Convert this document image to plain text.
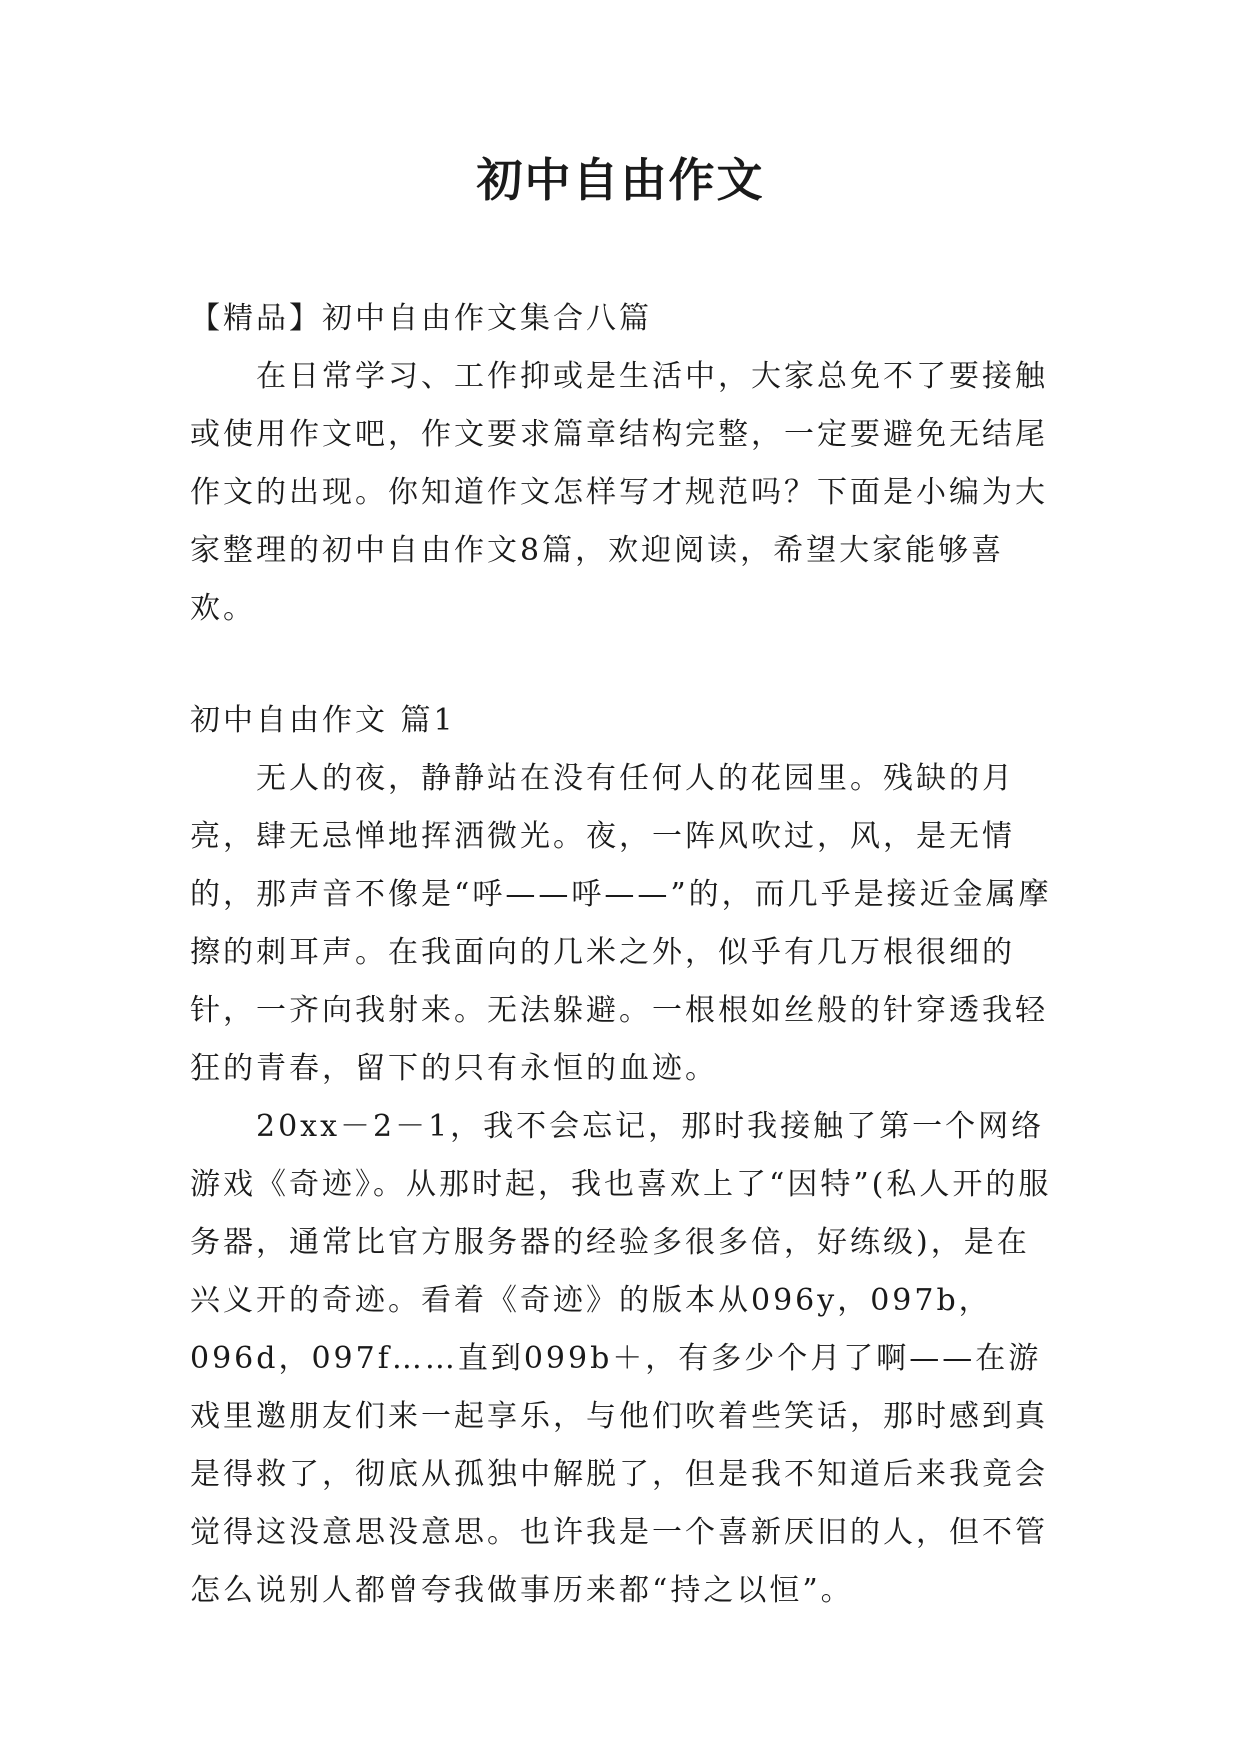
初中自由作文

【精品】初中自由作文集合八篇

在日常学习、工作抑或是生活中，大家总免不了要接触或使用作文吧，作文要求篇章结构完整，一定要避免无结尾作文的出现。你知道作文怎样写才规范吗？下面是小编为大家整理的初中自由作文8篇，欢迎阅读，希望大家能够喜欢。

初中自由作文 篇1

无人的夜，静静站在没有任何人的花园里。残缺的月亮，肆无忌惮地挥洒微光。夜，一阵风吹过，风，是无情的，那声音不像是“呼——呼——”的，而几乎是接近金属摩擦的刺耳声。在我面向的几米之外，似乎有几万根很细的针，一齐向我射来。无法躲避。一根根如丝般的针穿透我轻狂的青春，留下的只有永恒的血迹。

20xx－2－1，我不会忘记，那时我接触了第一个网络游戏《奇迹》。从那时起，我也喜欢上了“因特”(私人开的服务器，通常比官方服务器的经验多很多倍，好练级)，是在兴义开的奇迹。看着《奇迹》的版本从096y，097b，096d，097f……直到099b＋，有多少个月了啊——在游戏里邀朋友们来一起享乐，与他们吹着些笑话，那时感到真是得救了，彻底从孤独中解脱了，但是我不知道后来我竟会觉得这没意思没意思。也许我是一个喜新厌旧的人，但不管怎么说别人都曾夸我做事历来都“持之以恒”。
